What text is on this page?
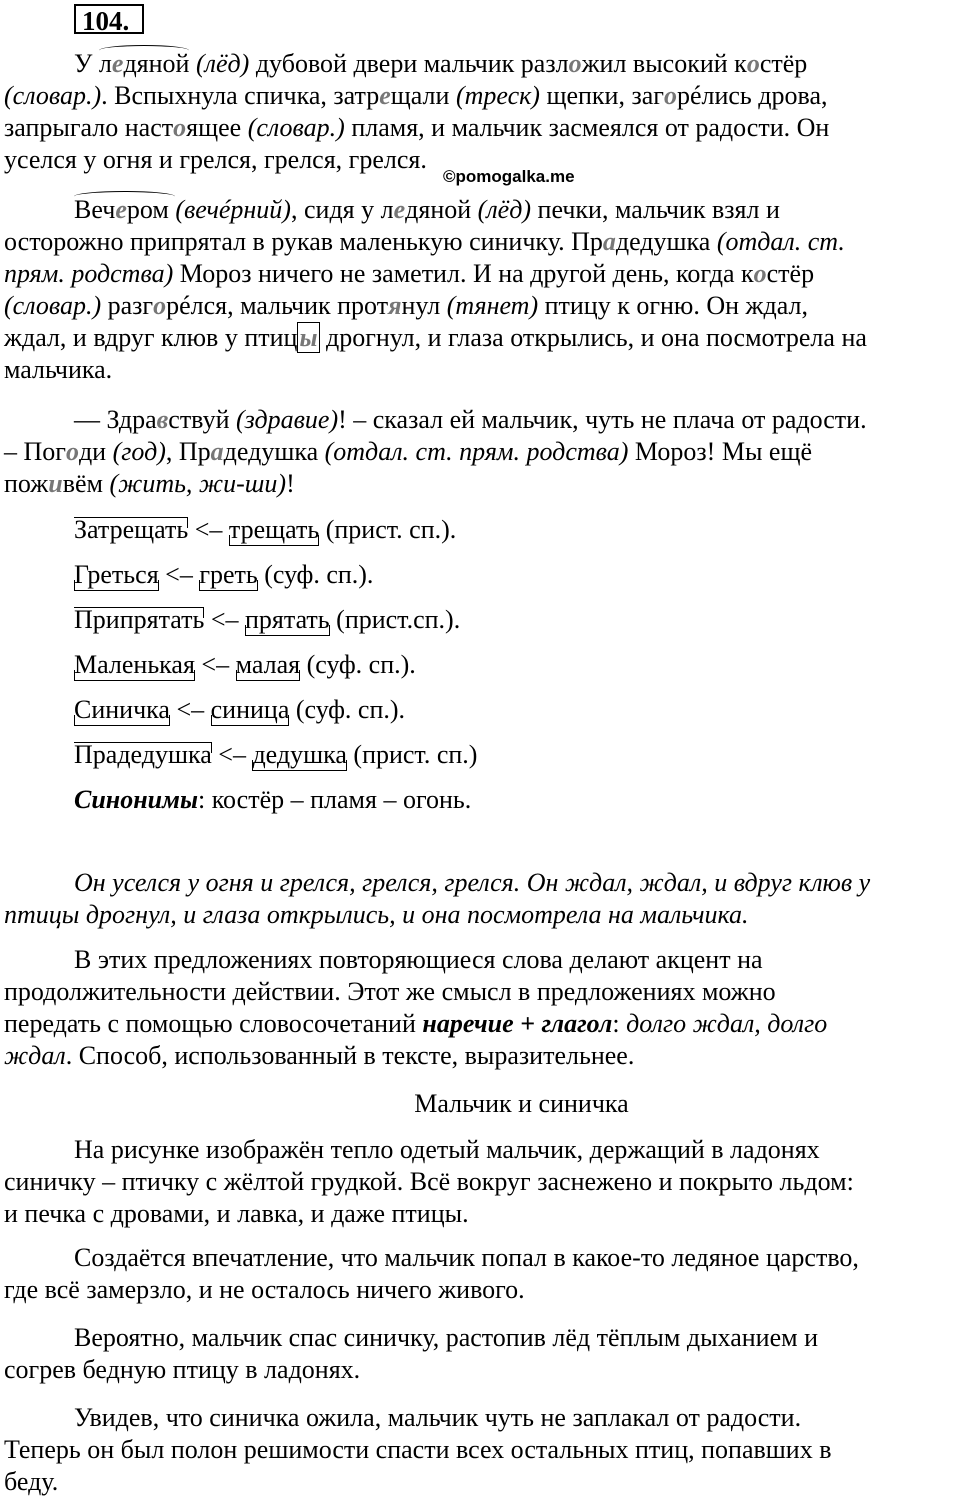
104.
©pomogalka.me
У ледяной (лёд) дубовой двери мальчик разложил высокий костёр
(словар.). Вспыхнула спичка, затрещали (треск) щепки, загорéлись дрова,
запрыгало настоящее (словар.) пламя, и мальчик засмеялся от радости. Он
уселся у огня и грелся, грелся, грелся.
Вечером (вечéрний), сидя у ледяной (лёд) печки, мальчик взял и
осторожно припрятал в рукав маленькую синичку. Прадедушка (отдал. ст.
прям. родства) Мороз ничего не заметил. И на другой день, когда костёр
(словар.) разгорéлся, мальчик протянул (тянет) птицу к огню. Он ждал,
ждал, и вдруг клюв у птицы дрогнул, и глаза открылись, и она посмотрела на
мальчика.
— Здравствуй (здравие)! – сказал ей мальчик, чуть не плача от радости.
– Погоди (год), Прадедушка (отдал. ст. прям. родства) Мороз! Мы ещё
поживём (жить, жи-ши)!
Затрещать <– трещать (прист. сп.).
Греться <– греть (суф. сп.).
Припрятать <– прятать (прист.сп.).
Маленькая <– малая (суф. сп.).
Синичка <– синица (суф. сп.).
Прадедушка <– дедушка (прист. сп.)
Синонимы: костёр – пламя – огонь.
Он уселся у огня и грелся, грелся, грелся. Он ждал, ждал, и вдруг клюв у
птицы дрогнул, и глаза открылись, и она посмотрела на мальчика.
В этих предложениях повторяющиеся слова делают акцент на
продолжительности действии. Этот же смысл в предложениях можно
передать с помощью словосочетаний наречие + глагол: долго ждал, долго
ждал. Способ, использованный в тексте, выразительнее.
Мальчик и синичка
На рисунке изображён тепло одетый мальчик, держащий в ладонях
синичку – птичку с жёлтой грудкой. Всё вокруг заснежено и покрыто льдом:
и печка с дровами, и лавка, и даже птицы.
Создаётся впечатление, что мальчик попал в какое-то ледяное царство,
где всё замерзло, и не осталось ничего живого.
Вероятно, мальчик спас синичку, растопив лёд тёплым дыханием и
согрев бедную птицу в ладонях.
Увидев, что синичка ожила, мальчик чуть не заплакал от радости.
Теперь он был полон решимости спасти всех остальных птиц, попавших в
беду.
